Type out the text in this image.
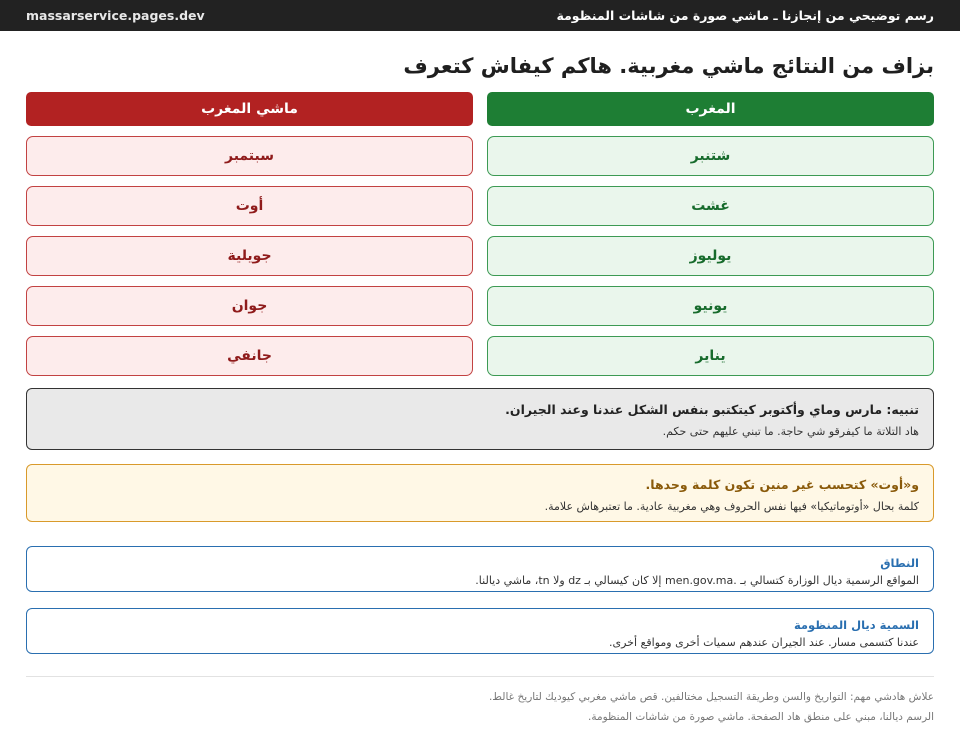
massarservice.pages.dev	رسم توضيحي من إنجازنا ـ ماشي صورة من شاشات المنظومة
بزاف من النتائج ماشي مغربية. هاكم كيفاش كتعرف
المغرب
شتنبر
غشت
يوليوز
يونيو
يناير
ماشي المغرب
سبتمبر
أوت
جويلية
جوان
جانفي
تنبيه: مارس وماي وأكتوبر كيتكتبو بنفس الشكل عندنا وعند الجيران.
هاد التلاتة ما كيفرقو شي حاجة. ما تبني عليهم حتى حكم.
و«أوت» كتحسب غير منين تكون كلمة وحدها.
كلمة بحال «أوتوماتيكيا» فيها نفس الحروف وهي مغربية عادية. ما تعتبرهاش علامة.
النطاق
المواقع الرسمية ديال الوزارة كتسالي بـ .men.gov.ma إلا كان كيسالي بـ dz ولا tn، ماشي ديالنا.
السمية ديال المنظومة
عندنا كتسمى مسار. عند الجيران عندهم سميات أخرى ومواقع أخرى.
علاش هادشي مهم: التواريخ والسن وطريقة التسجيل مختالفين. قص ماشي مغربي كيوديك لتاريخ غالط.
الرسم ديالنا، مبني على منطق هاد الصفحة. ماشي صورة من شاشات المنظومة.
